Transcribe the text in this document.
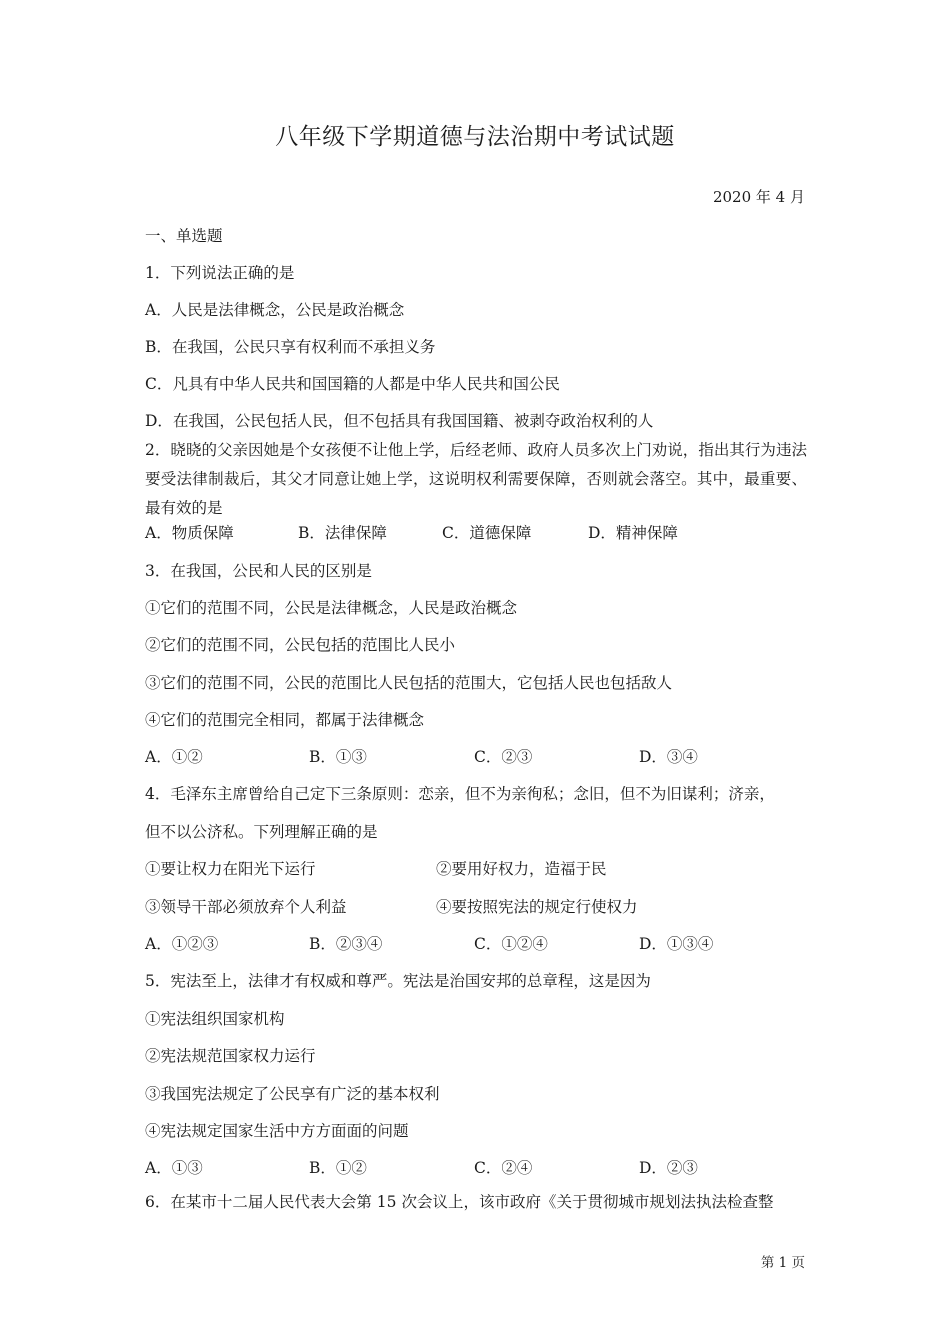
八年级下学期道德与法治期中考试试题
2020 年 4 月
一、单选题
1．下列说法正确的是
A．人民是法律概念，公民是政治概念
B．在我国，公民只享有权利而不承担义务
C．凡具有中华人民共和国国籍的人都是中华人民共和国公民
D．在我国，公民包括人民，但不包括具有我国国籍、被剥夺政治权利的人
2．晓晓的父亲因她是个女孩便不让他上学，后经老师、政府人员多次上门劝说，指出其行为违法要受法律制裁后，其父才同意让她上学，这说明权利需要保障，否则就会落空。其中，最重要、最有效的是
A．物质保障	B．法律保障	C．道德保障	D．精神保障
3．在我国，公民和人民的区别是
①它们的范围不同，公民是法律概念，人民是政治概念
②它们的范围不同，公民包括的范围比人民小
③它们的范围不同，公民的范围比人民包括的范围大，它包括人民也包括敌人
④它们的范围完全相同，都属于法律概念
A．①②	B．①③	C．②③	D．③④
4．毛泽东主席曾给自己定下三条原则：恋亲，但不为亲徇私；念旧，但不为旧谋利；济亲，
但不以公济私。下列理解正确的是
①要让权力在阳光下运行	②要用好权力，造福于民
③领导干部必须放弃个人利益	④要按照宪法的规定行使权力
A．①②③	B．②③④	C．①②④	D．①③④
5．宪法至上，法律才有权威和尊严。宪法是治国安邦的总章程，这是因为
①宪法组织国家机构
②宪法规范国家权力运行
③我国宪法规定了公民享有广泛的基本权利
④宪法规定国家生活中方方面面的问题
A．①③	B．①②	C．②④	D．②③
6．在某市十二届人民代表大会第 15 次会议上，该市政府《关于贯彻城市规划法执法检查整
第 1 页
